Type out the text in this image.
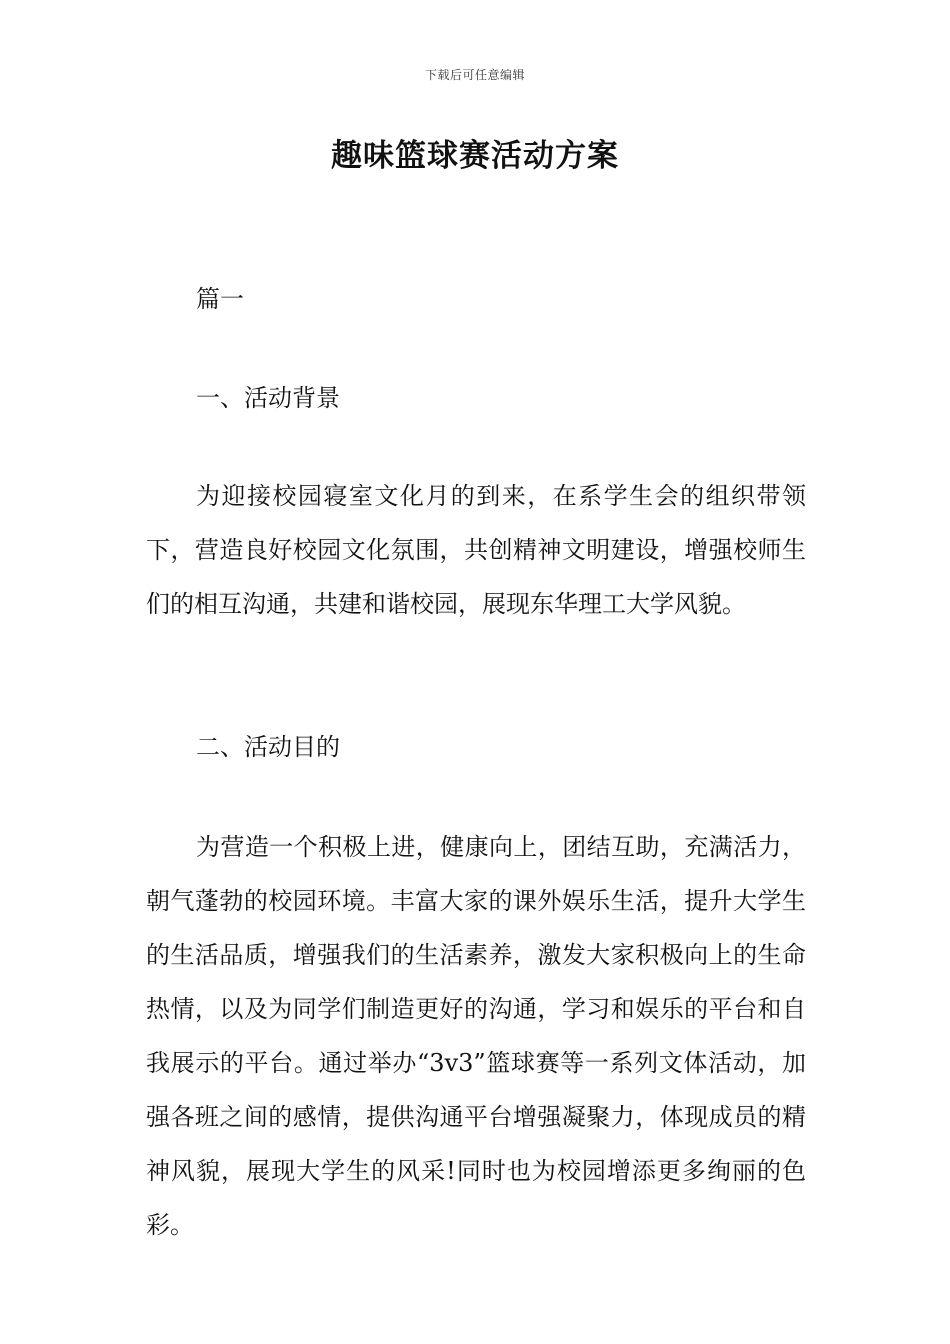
下载后可任意编辑
趣味篮球赛活动方案
篇一
一、活动背景

为迎接校园寝室文化月的到来，在系学生会的组织带领下，营造良好校园文化氛围，共创精神文明建设，增强校师生们的相互沟通，共建和谐校园，展现东华理工大学风貌。

二、活动目的

为营造一个积极上进，健康向上，团结互助，充满活力，朝气蓬勃的校园环境。丰富大家的课外娱乐生活，提升大学生的生活品质，增强我们的生活素养，激发大家积极向上的生命热情，以及为同学们制造更好的沟通，学习和娱乐的平台和自我展示的平台。通过举办“3v3”篮球赛等一系列文体活动，加强各班之间的感情，提供沟通平台增强凝聚力，体现成员的精神风貌，展现大学生的风采!同时也为校园增添更多绚丽的色彩。
